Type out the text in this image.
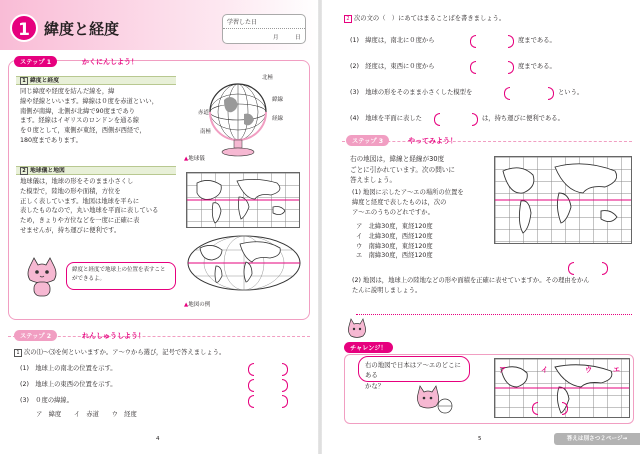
1 緯度と経度	学習した日
月	日
ステップ 1	かくにんしよう！
1 緯度と経度
同じ緯度や経度を結んだ線を，緯
線や経線といいます。緯線は０度を赤道といい，
南側が南緯，北側が北緯で90度まであり
ます。経線はイギリスのロンドンを通る線
を０度として，東側が東経，西側が西経で，
180度まであります。
北極
緯線
経線
赤道
南極
▲地球儀
2 地球儀と地図
地球儀は，地球の形をそのまま小さくし
た模型で，陸地の形や面積，方位を
正しく表しています。地図は地球を平らに
表したものなので，丸い地球を平面に表している
ため，きょりや方位などを一度に正確に表
せませんが，持ち運びに便利です。
▲地図の例
緯度と経度で地球上の位置を表すことができるよ。
ステップ 2	れんしゅうしよう！
1 次の⑴～⑶を何といいますか。ア～ウから選び，記号で答えましょう。
(1)　 地球上の南北の位置を示す。
(2)　 地球上の東西の位置を示す。
(3)　 ０度の緯線。
ア　緯度　　イ　赤道　　ウ　経度
4
2 次の文の（　）にあてはまることばを書きましょう。
(1)　 緯度は，南北に０度から	度まである。
(2)　 経度は，東西に０度から	度まである。
(3)　 地球の形をそのまま小さくした模型を	という。
(4)　 地球を平面に表した	は，持ち運びに便利である。
ステップ 3	やってみよう！
右の地図は，緯線と経線が30度
ごとに引かれています。次の問いに
答えましょう。
(1) 地図に示したア～エの場所の位置を
緯度と経度で表したものは，次の
ア～エのうちのどれですか。
ア　 北緯30度，東経120度
イ　 北緯30度，西経120度
ウ　 南緯30度，東経120度
エ　 南緯30度，西経120度
(2) 地図は，地球上の陸地などの形や面積を正確に表せていますか。その理由をかん
たんに説明しましょう。
チャレンジ！
右の地図で日本はア～エのどこにある
かな？
ア	イ	ウ	エ
5	答えは別さつ２ページ→
